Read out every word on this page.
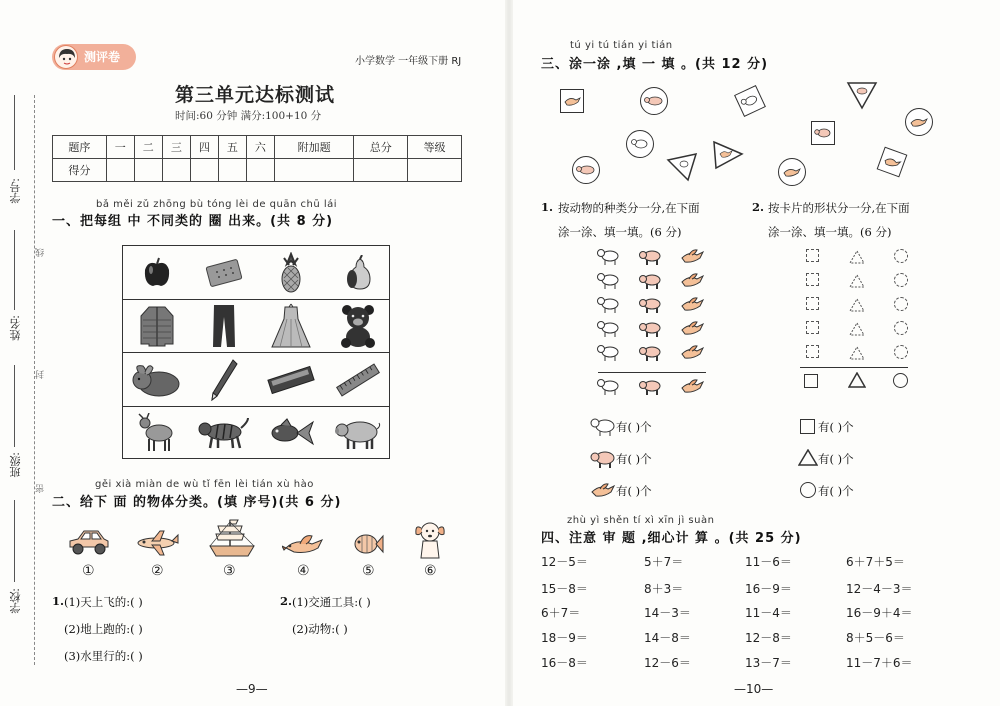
学号:
姓名:
班级:
学校:
线
封
密
测评卷	小学数学 一年级下册 RJ
第三单元达标测试
时间:60 分钟 满分:100+10 分
题序	一	二	三	四	五	六	附加题	总分	等级
得分									
bǎ měi zǔ zhōng bù tóng lèi de quān chū lái
一、把每组 中 不同类的 圈 出来。(共 8 分)
gěi xià miàn de wù tǐ fēn lèi tián xù hào
二、给下 面 的物体分类。(填 序号)(共 6 分)
①	②	③	④	⑤	⑥
1. (1)天上飞的:( )
(2)地上跑的:( )
(3)水里行的:( )
2. (1)交通工具:( )
(2)动物:( )
—9—
tú yi tú tián yi tián
三、涂一涂 ,填 一 填 。(共 12 分)
1. 按动物的种类分一分,在下面
涂一涂、填一填。(6 分)
2. 按卡片的形状分一分,在下面
涂一涂、填一填。(6 分)
有( )个
有( )个
有( )个
有( )个
有( )个
有( )个
zhù yì shěn tí xì xīn jì suàn
四、注意 审 题 ,细心计 算 。(共 25 分)
12－5＝	5＋7＝	11－6＝	6＋7＋5＝
15－8＝	8＋3＝	16－9＝	12－4－3＝
6＋7＝	14－3＝	11－4＝	16－9＋4＝
18－9＝	14－8＝	12－8＝	8＋5－6＝
16－8＝	12－6＝	13－7＝	11－7＋6＝
—10—
